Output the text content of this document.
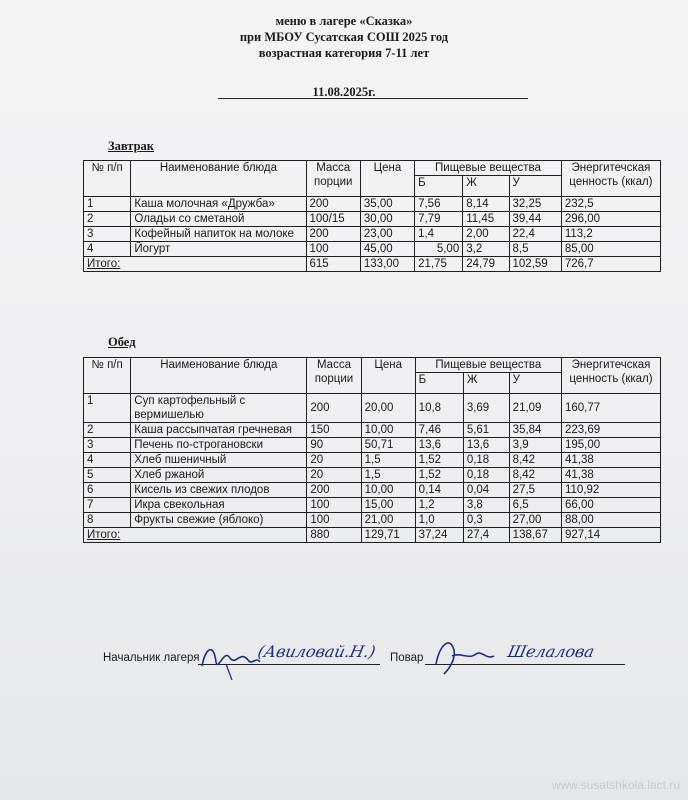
меню в лагере «Сказка»
при МБОУ Сусатская СОШ 2025 год
возрастная категория 7-11 лет
11.08.2025г.
Завтрак
№ п/п	Наименование блюда	Масса порции	Цена	Пищевые вещества			Энергитечская ценность (ккал)
				Б	Ж	У	
1	Каша молочная «Дружба»	200	35,00	7,56	8,14	32,25	232,5
2	Оладьи со сметаной	100/15	30,00	7,79	11,45	39,44	296,00
3	Кофейный напиток на молоке	200	23,00	1,4	2,00	22,4	113,2
4	Йогурт	100	45,00	5,00	3,2	8,5	85,00
Итого:		615	133,00	21,75	24,79	102,59	726,7
Обед
№ п/п	Наименование блюда	Масса порции	Цена	Пищевые вещества			Энергитечская ценность (ккал)
				Б	Ж	У	
1	Суп картофельный с вермишелью	200	20,00	10,8	3,69	21,09	160,77
2	Каша рассыпчатая гречневая	150	10,00	7,46	5,61	35,84	223,69
3	Печень по-строгановски	90	50,71	13,6	13,6	3,9	195,00
4	Хлеб пшеничный	20	1,5	1,52	0,18	8,42	41,38
5	Хлеб ржаной	20	1,5	1,52	0,18	8,42	41,38
6	Кисель из свежих плодов	200	10,00	0,14	0,04	27,5	110,92
7	Икра свекольная	100	15,00	1,2	3,8	6,5	66,00
8	Фрукты свежие (яблоко)	100	21,00	1,0	0,3	27,00	88,00
Итого:		880	129,71	37,24	27,4	138,67	927,14
Начальник лагеря	(Авиловай.Н.) Повар	Шелалова
www.susatshkola.lact.ru
